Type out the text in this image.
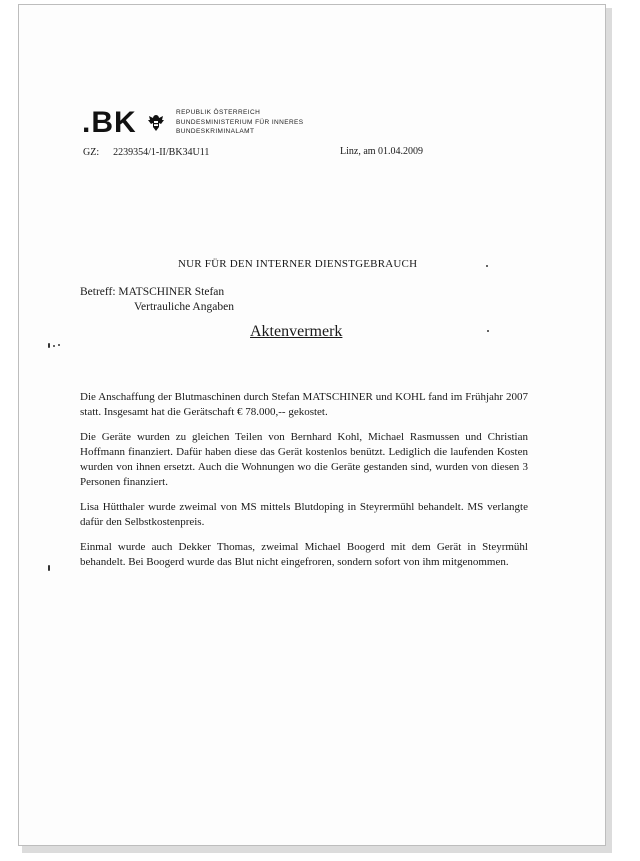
.BK	REPUBLIK ÖSTERREICH
BUNDESMINISTERIUM FÜR INNERES
BUNDESKRIMINALAMT
GZ: 2239354/1-II/BK34U11	Linz, am 01.04.2009
NUR FÜR DEN INTERNER DIENSTGEBRAUCH
Betreff: MATSCHINER Stefan
Vertrauliche Angaben
Aktenvermerk

Die Anschaffung der Blutmaschinen durch Stefan MATSCHINER und KOHL fand im Frühjahr 2007 statt. Insgesamt hat die Gerätschaft € 78.000,-- gekostet.

Die Geräte wurden zu gleichen Teilen von Bernhard Kohl, Michael Rasmussen und Christian Hoffmann finanziert. Dafür haben diese das Gerät kostenlos benützt. Lediglich die laufenden Kosten wurden von ihnen ersetzt. Auch die Wohnungen wo die Geräte gestanden sind, wurden von diesen 3 Personen finanziert.

Lisa Hütthaler wurde zweimal von MS mittels Blutdoping in Steyrermühl behandelt. MS verlangte dafür den Selbstkostenpreis.

Einmal wurde auch Dekker Thomas, zweimal Michael Boogerd mit dem Gerät in Steyrmühl behandelt. Bei Boogerd wurde das Blut nicht eingefroren, sondern sofort von ihm mitgenommen.
